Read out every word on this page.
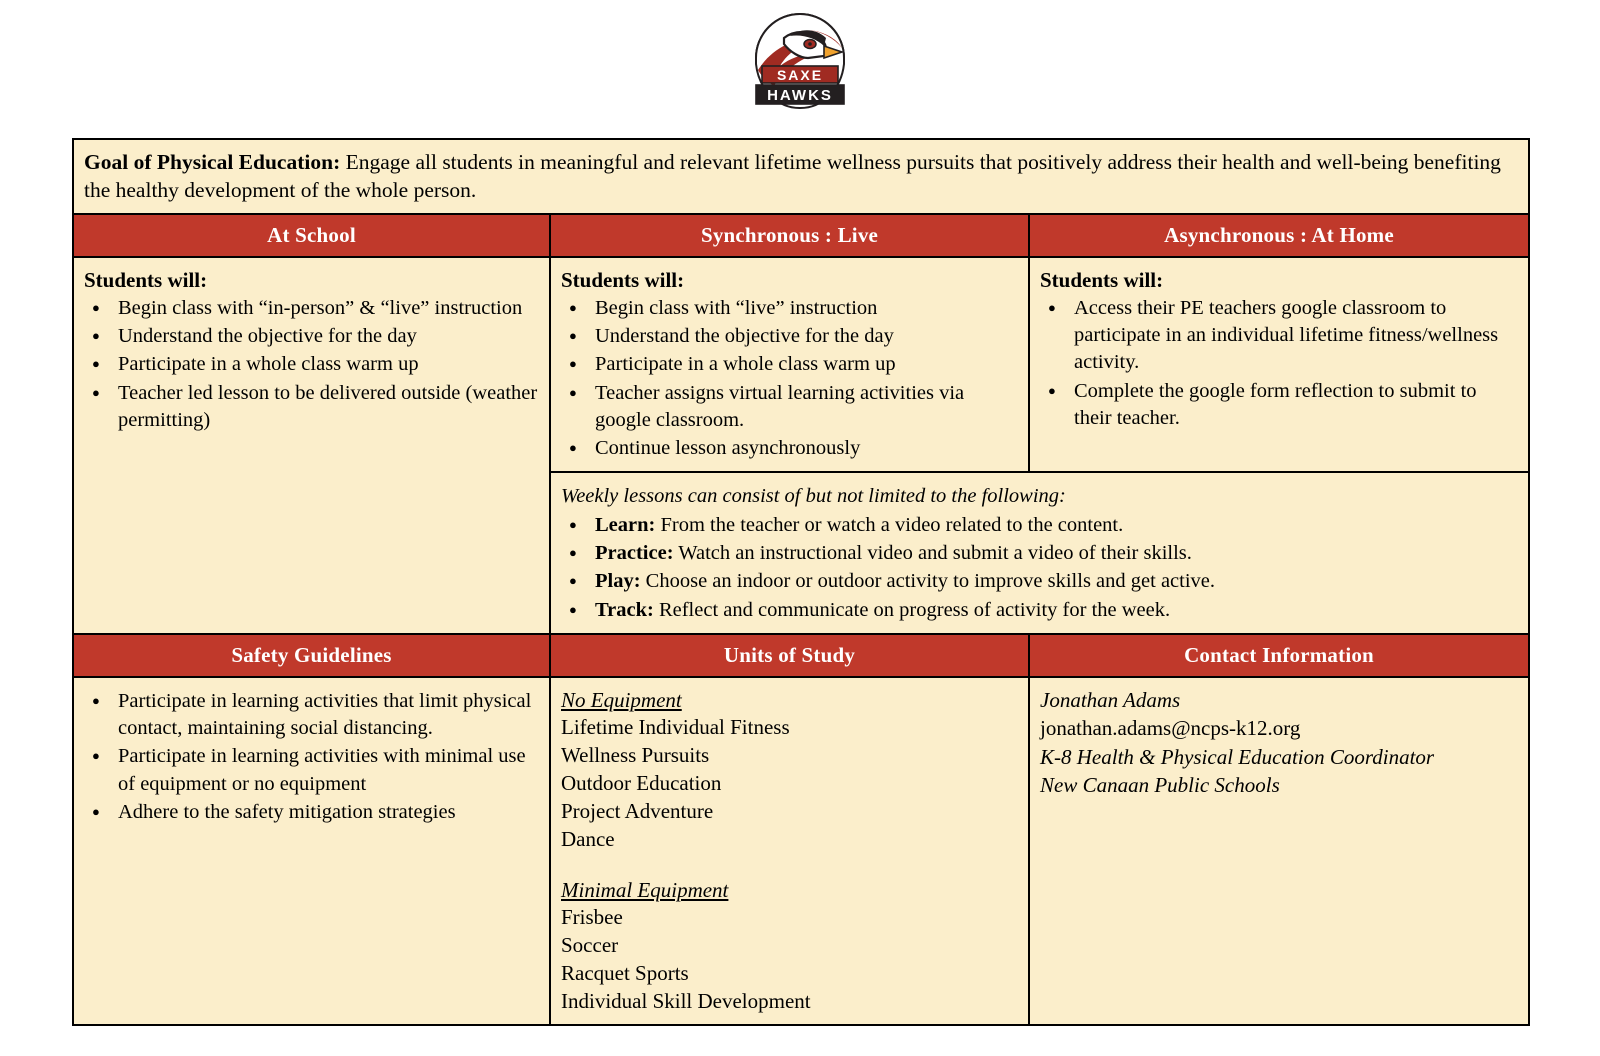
SAXE
HAWKS
Goal of Physical Education: Engage all students in meaningful and relevant lifetime wellness pursuits that positively address their health and well-being benefiting the healthy development of the whole person.		
At School	Synchronous : Live	Asynchronous : At Home

Students will:
● Begin class with “in-person” & “live” instruction
● Understand the objective for the day
● Participate in a whole class warm up
● Teacher led lesson to be delivered outside (weather permitting)

Students will:
● Begin class with “live” instruction
● Understand the objective for the day
● Participate in a whole class warm up
● Teacher assigns virtual learning activities via google classroom.
● Continue lesson asynchronously

Students will:
● Access their PE teachers google classroom to participate in an individual lifetime fitness/wellness activity.
● Complete the google form reflection to submit to their teacher.

Weekly lessons can consist of but not limited to the following:
● Learn: From the teacher or watch a video related to the content.
● Practice: Watch an instructional video and submit a video of their skills.
● Play: Choose an indoor or outdoor activity to improve skills and get active.
● Track: Reflect and communicate on progress of activity for the week.

Safety Guidelines	Units of Study	Contact Information

● Participate in learning activities that limit physical contact, maintaining social distancing.
● Participate in learning activities with minimal use of equipment or no equipment
● Adhere to the safety mitigation strategies

No Equipment
Lifetime Individual Fitness
Wellness Pursuits
Outdoor Education
Project Adventure
Dance
Minimal Equipment
Frisbee
Soccer
Racquet Sports
Individual Skill Development

Jonathan Adams
jonathan.adams@ncps-k12.org
K-8 Health & Physical Education Coordinator
New Canaan Public Schools
